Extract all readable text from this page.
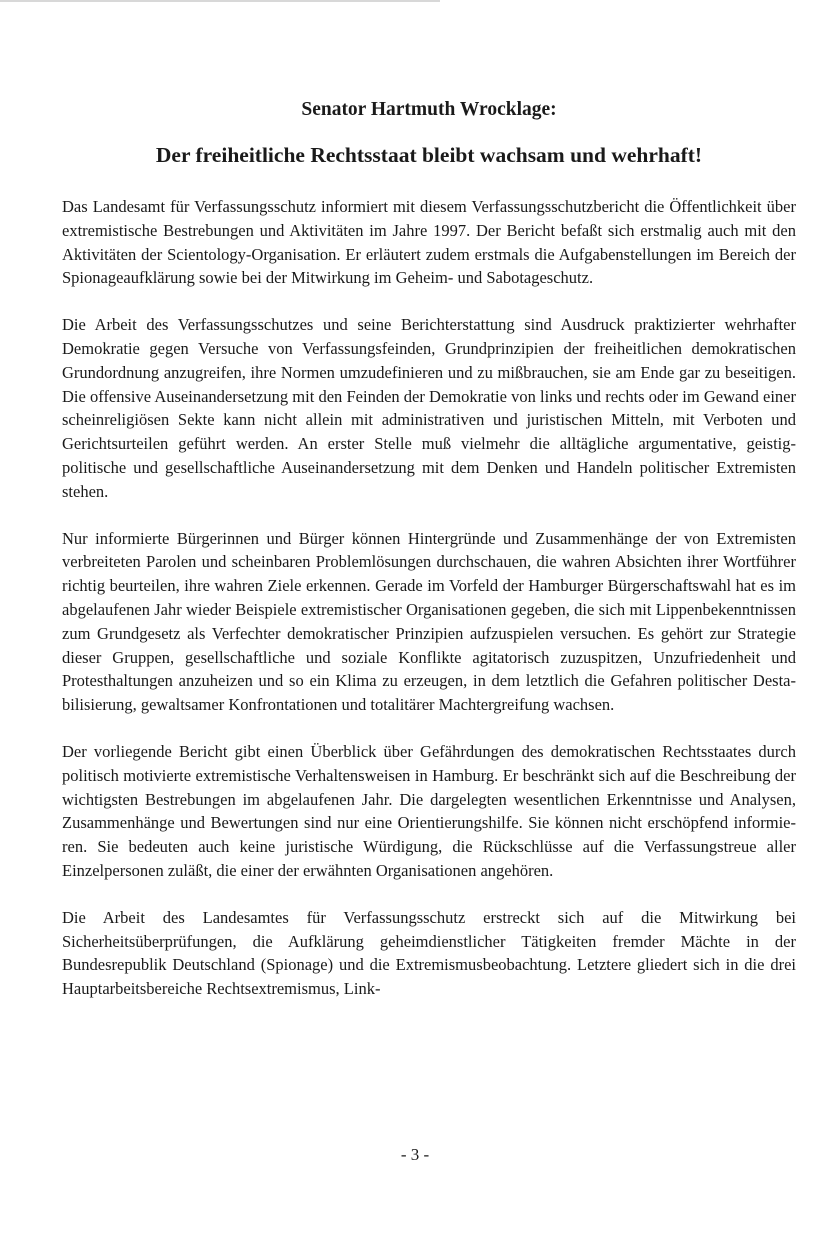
Senator Hartmuth Wrocklage:
Der freiheitliche Rechtsstaat bleibt wachsam und wehrhaft!

Das Landesamt für Verfassungsschutz informiert mit diesem Verfassungsschutzbericht die Öffentlichkeit über extremistische Bestrebungen und Aktivitäten im Jahre 1997. Der Bericht befaßt sich erstmalig auch mit den Aktivitäten der Scientology-Organisation. Er erläutert zudem erstmals die Aufgabenstellungen im Bereich der Spionageaufklärung sowie bei der Mitwirkung im Geheim- und Sabotageschutz.

Die Arbeit des Verfassungsschutzes und seine Berichterstattung sind Ausdruck praktizierter wehrhafter Demokratie gegen Versuche von Verfassungsfeinden, Grundprinzipien der freiheitlichen demokratischen Grundordnung anzugreifen, ihre Normen umzudefinieren und zu mißbrauchen, sie am Ende gar zu beseitigen. Die offensive Auseinandersetzung mit den Feinden der Demokratie von links und rechts oder im Gewand einer scheinreligiösen Sekte kann nicht allein mit administrativen und juristischen Mitteln, mit Verboten und Gerichtsurteilen geführt werden. An erster Stelle muß vielmehr die alltägliche argumentative, geistig-politische und gesellschaftliche Auseinandersetzung mit dem Denken und Handeln politischer Extremisten stehen.

Nur informierte Bürgerinnen und Bürger können Hintergründe und Zusammenhänge der von Extremisten verbreiteten Parolen und scheinbaren Problemlösungen durchschauen, die wahren Absichten ihrer Wortführer richtig beurteilen, ihre wahren Ziele erkennen. Gerade im Vorfeld der Hamburger Bürgerschaftswahl hat es im abgelaufenen Jahr wieder Beispiele extremistischer Organisationen gegeben, die sich mit Lippenbekenntnissen zum Grundgesetz als Verfechter demokratischer Prinzipien aufzuspielen versuchen. Es gehört zur Strategie dieser Gruppen, gesellschaftliche und soziale Konflikte agitatorisch zuzuspitzen, Unzufriedenheit und Protesthaltungen anzuheizen und so ein Klima zu erzeugen, in dem letztlich die Gefahren politischer Destabilisierung, gewaltsamer Konfrontationen und totalitärer Machtergreifung wachsen.

Der vorliegende Bericht gibt einen Überblick über Gefährdungen des demokratischen Rechtsstaates durch politisch motivierte extremistische Verhaltensweisen in Hamburg. Er beschränkt sich auf die Beschreibung der wichtigsten Bestrebungen im abgelaufenen Jahr. Die dargelegten wesentlichen Erkenntnisse und Analysen, Zusammenhänge und Bewertungen sind nur eine Orientierungshilfe. Sie können nicht erschöpfend informieren. Sie bedeuten auch keine juristische Würdigung, die Rückschlüsse auf die Verfassungstreue aller Einzelpersonen zuläßt, die einer der erwähnten Organisationen angehören.

Die Arbeit des Landesamtes für Verfassungsschutz erstreckt sich auf die Mitwirkung bei Sicherheitsüberprüfungen, die Aufklärung geheimdienstlicher Tätigkeiten fremder Mächte in der Bundesrepublik Deutschland (Spionage) und die Extremismusbeobachtung. Letztere gliedert sich in die drei Hauptarbeitsbereiche Rechtsextremismus, Link-

- 3 -
